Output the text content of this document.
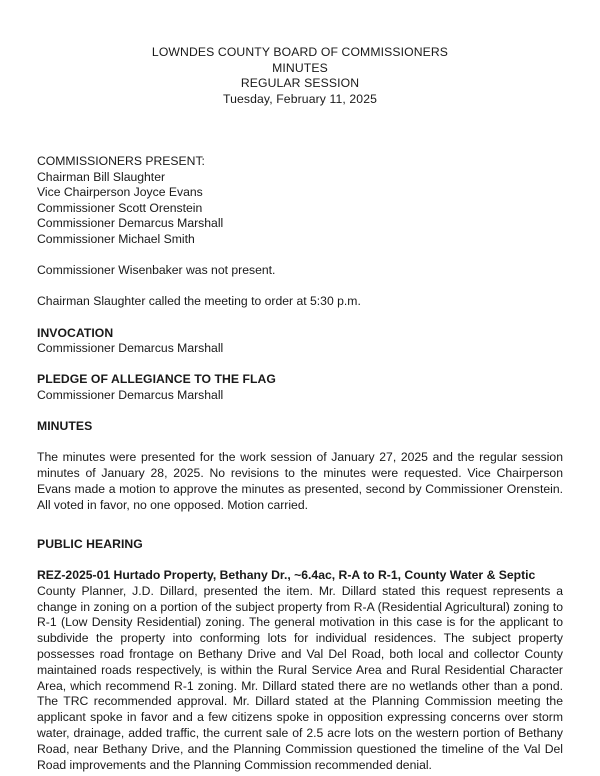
LOWNDES COUNTY BOARD OF COMMISSIONERS
MINUTES
REGULAR SESSION
Tuesday, February 11, 2025
COMMISSIONERS PRESENT:
Chairman Bill Slaughter
Vice Chairperson Joyce Evans
Commissioner Scott Orenstein
Commissioner Demarcus Marshall
Commissioner Michael Smith
Commissioner Wisenbaker was not present.
Chairman Slaughter called the meeting to order at 5:30 p.m.
INVOCATION
Commissioner Demarcus Marshall
PLEDGE OF ALLEGIANCE TO THE FLAG
Commissioner Demarcus Marshall
MINUTES
The minutes were presented for the work session of January 27, 2025 and the regular session minutes of January 28, 2025. No revisions to the minutes were requested. Vice Chairperson Evans made a motion to approve the minutes as presented, second by Commissioner Orenstein. All voted in favor, no one opposed. Motion carried.
PUBLIC HEARING
REZ-2025-01 Hurtado Property, Bethany Dr., ~6.4ac, R-A to R-1, County Water & Septic
County Planner, J.D. Dillard, presented the item. Mr. Dillard stated this request represents a change in zoning on a portion of the subject property from R-A (Residential Agricultural) zoning to R-1 (Low Density Residential) zoning. The general motivation in this case is for the applicant to subdivide the property into conforming lots for individual residences. The subject property possesses road frontage on Bethany Drive and Val Del Road, both local and collector County maintained roads respectively, is within the Rural Service Area and Rural Residential Character Area, which recommend R-1 zoning. Mr. Dillard stated there are no wetlands other than a pond. The TRC recommended approval. Mr. Dillard stated at the Planning Commission meeting the applicant spoke in favor and a few citizens spoke in opposition expressing concerns over storm water, drainage, added traffic, the current sale of 2.5 acre lots on the western portion of Bethany Road, near Bethany Drive, and the Planning Commission questioned the timeline of the Val Del Road improvements and the Planning Commission recommended denial.
